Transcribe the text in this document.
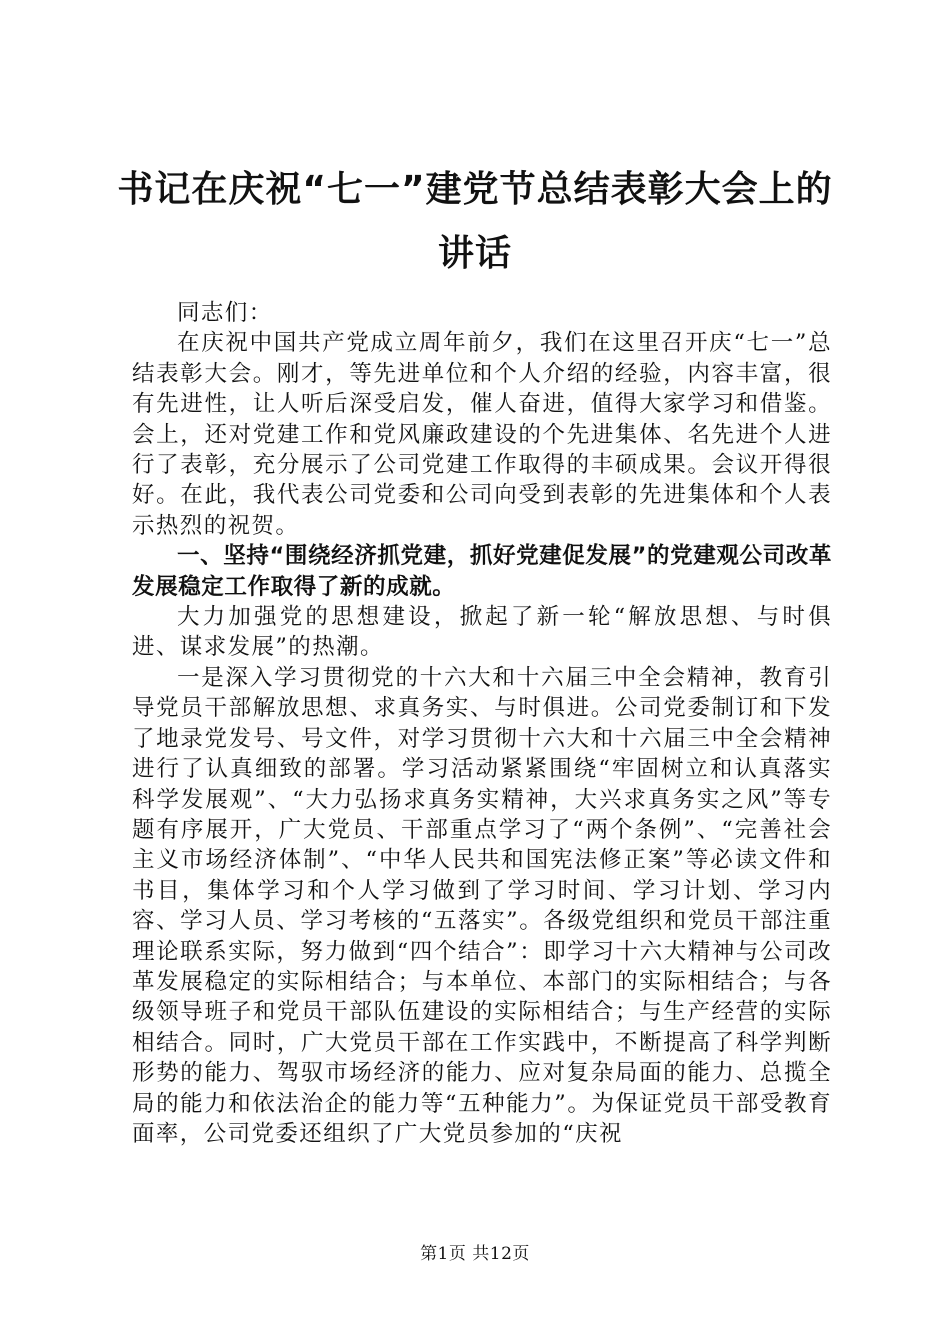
书记在庆祝“七一”建党节总结表彰大会上的讲话

同志们：

在庆祝中国共产党成立周年前夕，我们在这里召开庆“七一”总结表彰大会。刚才，等先进单位和个人介绍的经验，内容丰富，很有先进性，让人听后深受启发，催人奋进，值得大家学习和借鉴。会上，还对党建工作和党风廉政建设的个先进集体、名先进个人进行了表彰，充分展示了公司党建工作取得的丰硕成果。会议开得很好。在此，我代表公司党委和公司向受到表彰的先进集体和个人表示热烈的祝贺。

一、坚持“围绕经济抓党建，抓好党建促发展”的党建观公司改革发展稳定工作取得了新的成就。

大力加强党的思想建设，掀起了新一轮“解放思想、与时俱进、谋求发展”的热潮。

一是深入学习贯彻党的十六大和十六届三中全会精神，教育引导党员干部解放思想、求真务实、与时俱进。公司党委制订和下发了地录党发号、号文件，对学习贯彻十六大和十六届三中全会精神进行了认真细致的部署。学习活动紧紧围绕“牢固树立和认真落实科学发展观”、“大力弘扬求真务实精神，大兴求真务实之风”等专题有序展开，广大党员、干部重点学习了“两个条例”、“完善社会主义市场经济体制”、“中华人民共和国宪法修正案”等必读文件和书目，集体学习和个人学习做到了学习时间、学习计划、学习内容、学习人员、学习考核的“五落实”。各级党组织和党员干部注重理论联系实际，努力做到“四个结合”：即学习十六大精神与公司改革发展稳定的实际相结合；与本单位、本部门的实际相结合；与各级领导班子和党员干部队伍建设的实际相结合；与生产经营的实际相结合。同时，广大党员干部在工作实践中，不断提高了科学判断形势的能力、驾驭市场经济的能力、应对复杂局面的能力、总揽全局的能力和依法治企的能力等“五种能力”。为保证党员干部受教育面率，公司党委还组织了广大党员参加的“庆祝

第1页 共12页
